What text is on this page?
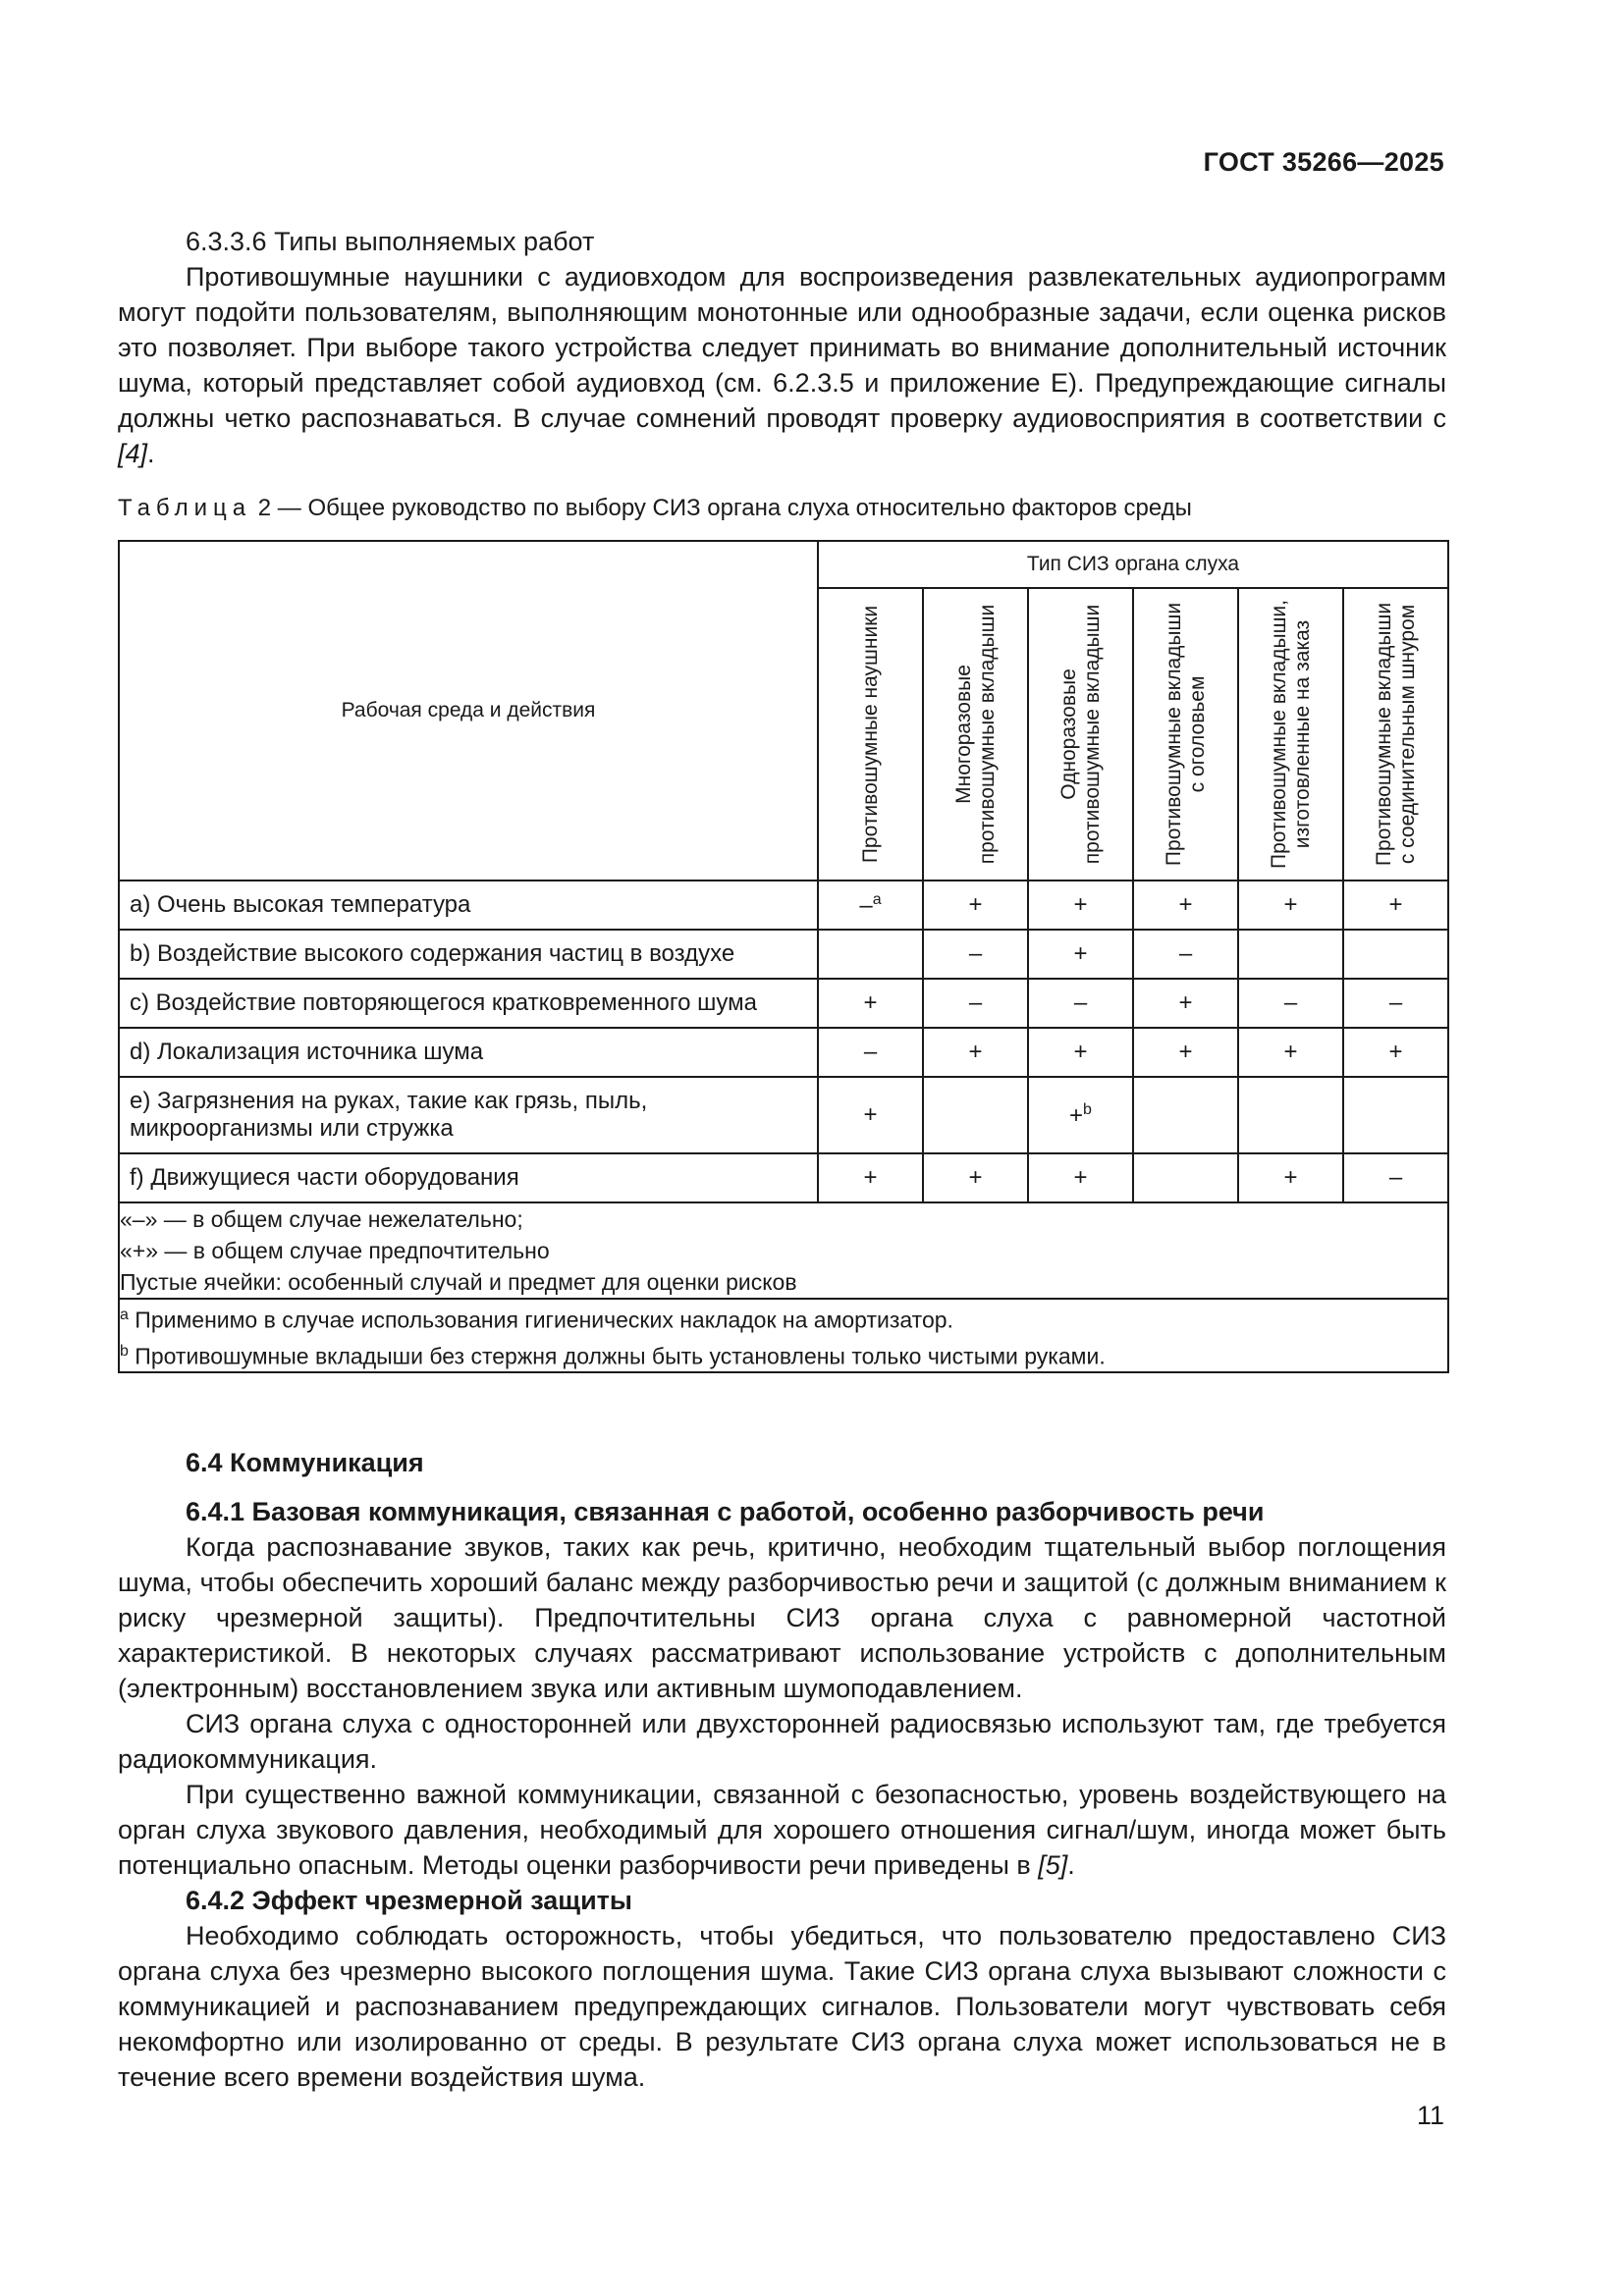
ГОСТ 35266—2025

6.3.3.6 Типы выполняемых работ

Противошумные наушники с аудиовходом для воспроизведения развлекательных аудиопрограмм могут подойти пользователям, выполняющим монотонные или однообразные задачи, если оценка рисков это позволяет. При выборе такого устройства следует принимать во внимание дополнительный источник шума, который представляет собой аудиовход (см. 6.2.3.5 и приложение Е). Предупреждающие сигналы должны четко распознаваться. В случае сомнений проводят проверку аудиовосприятия в соответствии с [4].

Таблица 2 — Общее руководство по выбору СИЗ органа слуха относительно факторов среды
Рабочая среда и действия	Тип СИЗ органа слуха					

	Противошумные наушники	Многоразовые противошумные вкладыши	Одноразовые противошумные вкладыши	Противошумные вкладыши с оголовьем	Противошумные вкладыши, изготовленные на заказ	Противошумные вкладыши с соединительным шнуром

a) Очень высокая температура	–$^a$	+	+	+	+	+
b) Воздействие высокого содержания частиц в воздухе		–	+	–		
c) Воздействие повторяющегося кратковременного шума	+	–	–	+	–	–
d) Локализация источника шума	–	+	+	+	+	+
e) Загрязнения на руках, такие как грязь, пыль, микроорганизмы или стружка	+		+$^b$			
f) Движущиеся части оборудования	+	+	+		+	–

«–» — в общем случае нежелательно;
«+» — в общем случае предпочтительно
Пустые ячейки: особенный случай и предмет для оценки рисков						

$^a$ Применимо в случае использования гигиенических накладок на амортизатор.
$^b$ Противошумные вкладыши без стержня должны быть установлены только чистыми руками.						

6.4 Коммуникация

6.4.1 Базовая коммуникация, связанная с работой, особенно разборчивость речи

Когда распознавание звуков, таких как речь, критично, необходим тщательный выбор поглощения шума, чтобы обеспечить хороший баланс между разборчивостью речи и защитой (с должным вниманием к риску чрезмерной защиты). Предпочтительны СИЗ органа слуха с равномерной частотной характеристикой. В некоторых случаях рассматривают использование устройств с дополнительным (электронным) восстановлением звука или активным шумоподавлением.

СИЗ органа слуха с односторонней или двухсторонней радиосвязью используют там, где требуется радиокоммуникация.

При существенно важной коммуникации, связанной с безопасностью, уровень воздействующего на орган слуха звукового давления, необходимый для хорошего отношения сигнал/шум, иногда может быть потенциально опасным. Методы оценки разборчивости речи приведены в [5].

6.4.2 Эффект чрезмерной защиты

Необходимо соблюдать осторожность, чтобы убедиться, что пользователю предоставлено СИЗ органа слуха без чрезмерно высокого поглощения шума. Такие СИЗ органа слуха вызывают сложности с коммуникацией и распознаванием предупреждающих сигналов. Пользователи могут чувствовать себя некомфортно или изолированно от среды. В результате СИЗ органа слуха может использоваться не в течение всего времени воздействия шума.

11
